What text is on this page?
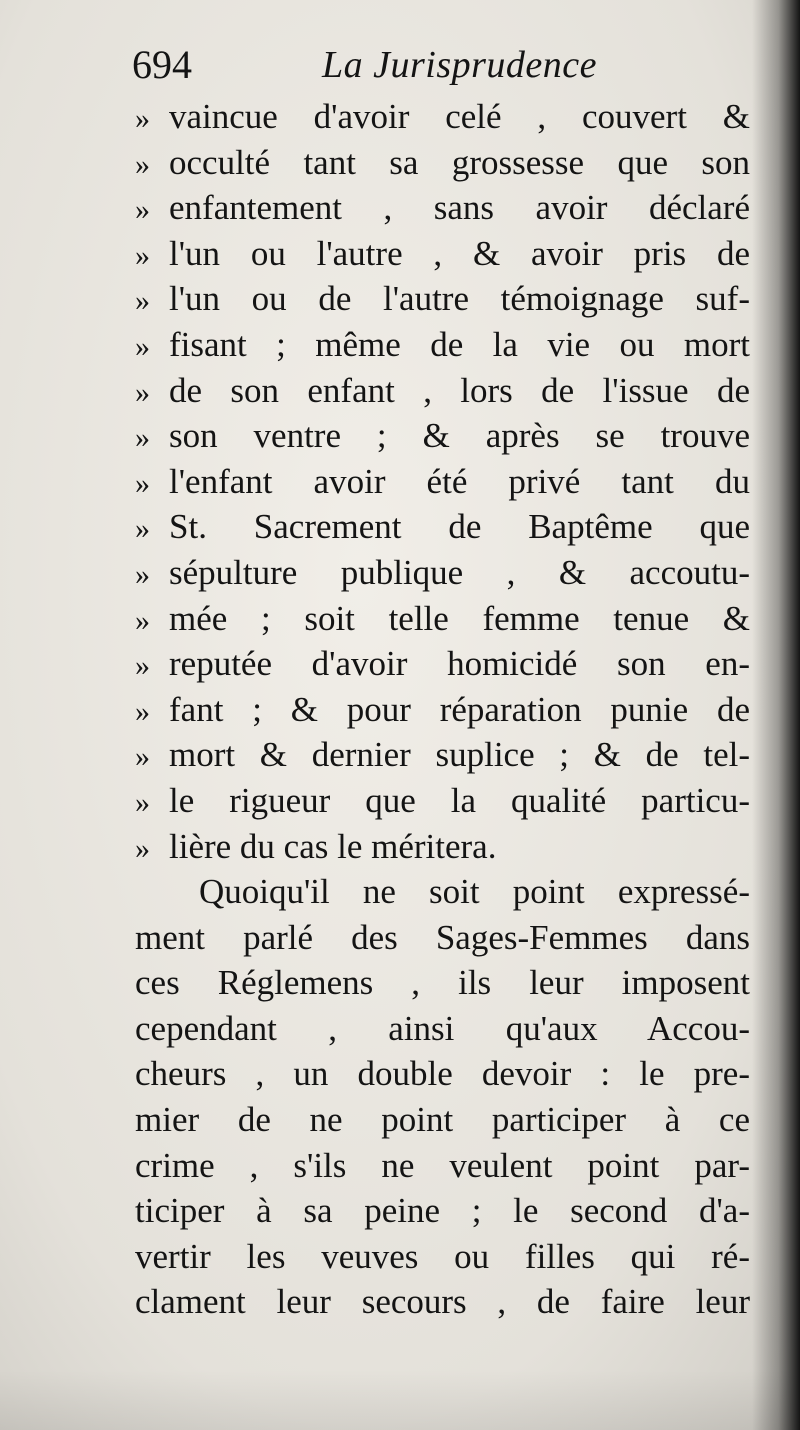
694	La Jurisprudence
» vaincue d'avoir celé , couvert &
» occulté tant sa grossesse que son
» enfantement , sans avoir déclaré
» l'un ou l'autre , & avoir pris de
» l'un ou de l'autre témoignage suf-
» fisant ; même de la vie ou mort
» de son enfant , lors de l'issue de
» son ventre ; & après se trouve
» l'enfant avoir été privé tant du
» St. Sacrement de Baptême que
» sépulture publique , & accoutu-
» mée ; soit telle femme tenue &
» reputée d'avoir homicidé son en-
» fant ; & pour réparation punie de
» mort & dernier suplice ; & de tel-
» le rigueur que la qualité particu-
» lière du cas le méritera.
Quoiqu'il ne soit point expressé-
ment parlé des Sages-Femmes dans
ces Réglemens , ils leur imposent
cependant , ainsi qu'aux Accou-
cheurs , un double devoir : le pre-
mier de ne point participer à ce
crime , s'ils ne veulent point par-
ticiper à sa peine ; le second d'a-
vertir les veuves ou filles qui ré-
clament leur secours , de faire leur
